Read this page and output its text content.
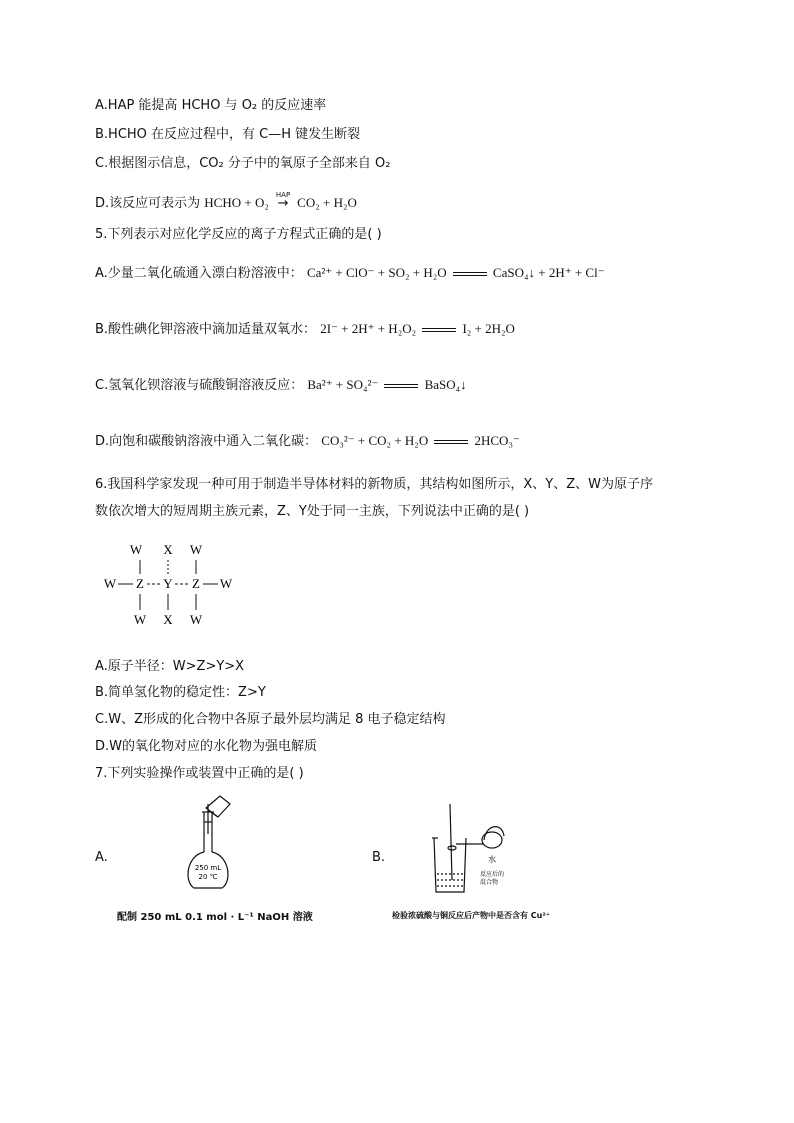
A.HAP 能提高 HCHO 与 O₂ 的反应速率
B.HCHO 在反应过程中，有 C—H 键发生断裂
C.根据图示信息，CO₂ 分子中的氧原子全部来自 O₂
D.该反应可表示为 HCHO + O₂	HAP
→ CO₂ + H₂O
5.下列表示对应化学反应的离子方程式正确的是( )
A.少量二氧化硫通入漂白粉溶液中： Ca²⁺ + ClO⁻ + SO₂ + H₂O	CaSO₄↓ + 2H⁺ + Cl⁻
B.酸性碘化钾溶液中滴加适量双氧水： 2I⁻ + 2H⁺ + H₂O₂	I₂ + 2H₂O
C.氢氧化钡溶液与硫酸铜溶液反应： Ba²⁺ + SO₄²⁻	BaSO₄↓
D.向饱和碳酸钠溶液中通入二氧化碳： CO₃²⁻ + CO₂ + H₂O	2HCO₃⁻
6.我国科学家发现一种可用于制造半导体材料的新物质，其结构如图所示，X、Y、Z、W为原子序
数依次增大的短周期主族元素，Z、Y处于同一主族，下列说法中正确的是( )
W X W
W Z Y Z W
W X W
A.原子半径：W>Z>Y>X
B.简单氢化物的稳定性：Z>Y
C.W、Z形成的化合物中各原子最外层均满足 8 电子稳定结构
D.W的氧化物对应的水化物为强电解质
7.下列实验操作或装置中正确的是( )
A.
250 mL
20 ℃
配制 250 mL 0.1 mol · L⁻¹ NaOH 溶液
B.	水
反应后的
混合物
检验浓硫酸与铜反应后产物中是否含有 Cu²⁺
